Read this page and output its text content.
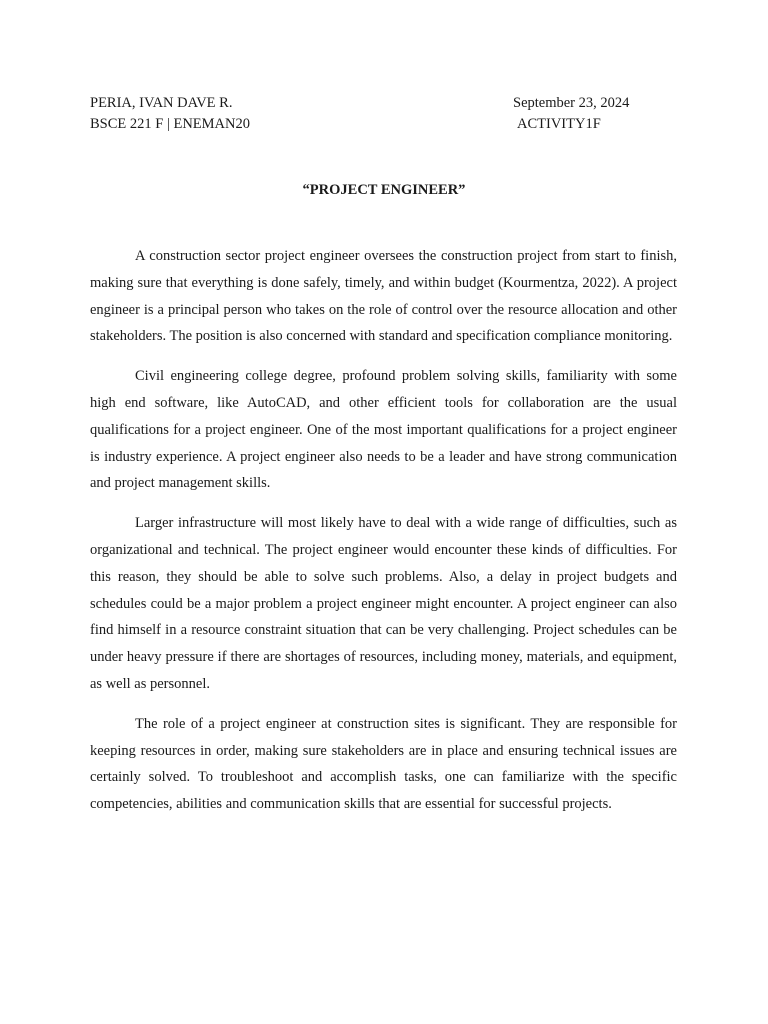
PERIA, IVAN DAVE R.	September 23, 2024
BSCE 221 F | ENEMAN20	ACTIVITY1F
“PROJECT ENGINEER”

A construction sector project engineer oversees the construction project from start to finish, making sure that everything is done safely, timely, and within budget (Kourmentza, 2022). A project engineer is a principal person who takes on the role of control over the resource allocation and other stakeholders. The position is also concerned with standard and specification compliance monitoring.

Civil engineering college degree, profound problem solving skills, familiarity with some high end software, like AutoCAD, and other efficient tools for collaboration are the usual qualifications for a project engineer. One of the most important qualifications for a project engineer is industry experience. A project engineer also needs to be a leader and have strong communication and project management skills.

Larger infrastructure will most likely have to deal with a wide range of difficulties, such as organizational and technical. The project engineer would encounter these kinds of difficulties. For this reason, they should be able to solve such problems. Also, a delay in project budgets and schedules could be a major problem a project engineer might encounter. A project engineer can also find himself in a resource constraint situation that can be very challenging. Project schedules can be under heavy pressure if there are shortages of resources, including money, materials, and equipment, as well as personnel.

The role of a project engineer at construction sites is significant. They are responsible for keeping resources in order, making sure stakeholders are in place and ensuring technical issues are certainly solved. To troubleshoot and accomplish tasks, one can familiarize with the specific competencies, abilities and communication skills that are essential for successful projects.
